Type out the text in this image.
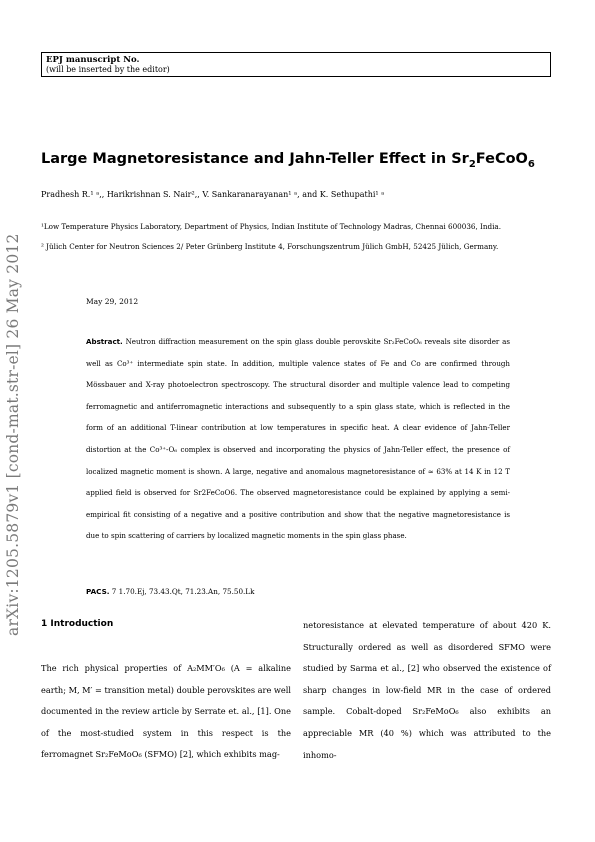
EPJ manuscript No.
(will be inserted by the editor)
Large Magnetoresistance and Jahn-Teller Effect in $Sr_2FeCoO_6$
Pradhesh R.¹ ᵃ,, Harikrishnan S. Nair²,, V. Sankaranarayanan¹ ᵃ, and K. Sethupathi¹ ᵃ
¹Low Temperature Physics Laboratory, Department of Physics, Indian Institute of Technology Madras, Chennai 600036, India.
² Jülich Center for Neutron Sciences 2/ Peter Grünberg Institute 4, Forschungszentrum Jülich GmbH, 52425 Jülich, Germany.
May 29, 2012
Abstract. Neutron diffraction measurement on the spin glass double perovskite Sr₂FeCoO₆ reveals site disorder as well as Co³⁺ intermediate spin state. In addition, multiple valence states of Fe and Co are confirmed through Mössbauer and X-ray photoelectron spectroscopy. The structural disorder and multiple valence lead to competing ferromagnetic and antiferromagnetic interactions and subsequently to a spin glass state, which is reflected in the form of an additional T-linear contribution at low temperatures in specific heat. A clear evidence of Jahn-Teller distortion at the Co³⁺-O₆ complex is observed and incorporating the physics of Jahn-Teller effect, the presence of localized magnetic moment is shown. A large, negative and anomalous magnetoresistance of ≈ 63% at 14 K in 12 T applied field is observed for Sr2FeCoO6. The observed magnetoresistance could be explained by applying a semi-empirical fit consisting of a negative and a positive contribution and show that the negative magnetoresistance is due to spin scattering of carriers by localized magnetic moments in the spin glass phase.
PACS. 7 1.70.Ej, 73.43.Qt, 71.23.An, 75.50.Lk
arXiv:1205.5879v1 [cond-mat.str-el] 26 May 2012 1 Introduction
The rich physical properties of A₂MM′O₆ (A = alkaline earth; M, M′ = transition metal) double perovskites are well documented in the review article by Serrate et. al., [1]. One of the most-studied system in this respect is the ferromagnet Sr₂FeMoO₆ (SFMO) [2], which exhibits mag-
netoresistance at elevated temperature of about 420 K. Structurally ordered as well as disordered SFMO were studied by Sarma et al., [2] who observed the existence of sharp changes in low-field MR in the case of ordered sample. Cobalt-doped Sr₂FeMoO₆ also exhibits an appreciable MR (40 %) which was attributed to the inhomo-
